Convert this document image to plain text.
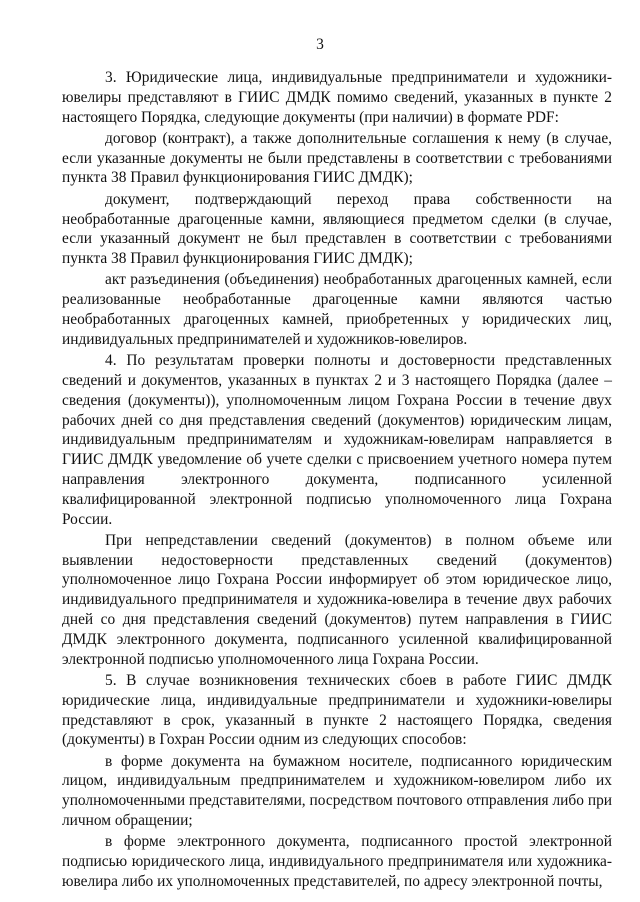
3

3. Юридические лица, индивидуальные предприниматели и художники-ювелиры представляют в ГИИС ДМДК помимо сведений, указанных в пункте 2 настоящего Порядка, следующие документы (при наличии) в формате PDF:

договор (контракт), а также дополнительные соглашения к нему (в случае, если указанные документы не были представлены в соответствии с требованиями пункта 38 Правил функционирования ГИИС ДМДК);

документ, подтверждающий переход права собственности на необработанные драгоценные камни, являющиеся предметом сделки (в случае, если указанный документ не был представлен в соответствии с требованиями пункта 38 Правил функционирования ГИИС ДМДК);

акт разъединения (объединения) необработанных драгоценных камней, если реализованные необработанные драгоценные камни являются частью необработанных драгоценных камней, приобретенных у юридических лиц, индивидуальных предпринимателей и художников-ювелиров.

4. По результатам проверки полноты и достоверности представленных сведений и документов, указанных в пунктах 2 и 3 настоящего Порядка (далее – сведения (документы)), уполномоченным лицом Гохрана России в течение двух рабочих дней со дня представления сведений (документов) юридическим лицам, индивидуальным предпринимателям и художникам-ювелирам направляется в ГИИС ДМДК уведомление об учете сделки с присвоением учетного номера путем направления электронного документа, подписанного усиленной квалифицированной электронной подписью уполномоченного лица Гохрана России.

При непредставлении сведений (документов) в полном объеме или выявлении недостоверности представленных сведений (документов) уполномоченное лицо Гохрана России информирует об этом юридическое лицо, индивидуального предпринимателя и художника-ювелира в течение двух рабочих дней со дня представления сведений (документов) путем направления в ГИИС ДМДК электронного документа, подписанного усиленной квалифицированной электронной подписью уполномоченного лица Гохрана России.

5. В случае возникновения технических сбоев в работе ГИИС ДМДК юридические лица, индивидуальные предприниматели и художники-ювелиры представляют в срок, указанный в пункте 2 настоящего Порядка, сведения (документы) в Гохран России одним из следующих способов:

в форме документа на бумажном носителе, подписанного юридическим лицом, индивидуальным предпринимателем и художником-ювелиром либо их уполномоченными представителями, посредством почтового отправления либо при личном обращении;

в форме электронного документа, подписанного простой электронной подписью юридического лица, индивидуального предпринимателя или художника-ювелира либо их уполномоченных представителей, по адресу электронной почты,
